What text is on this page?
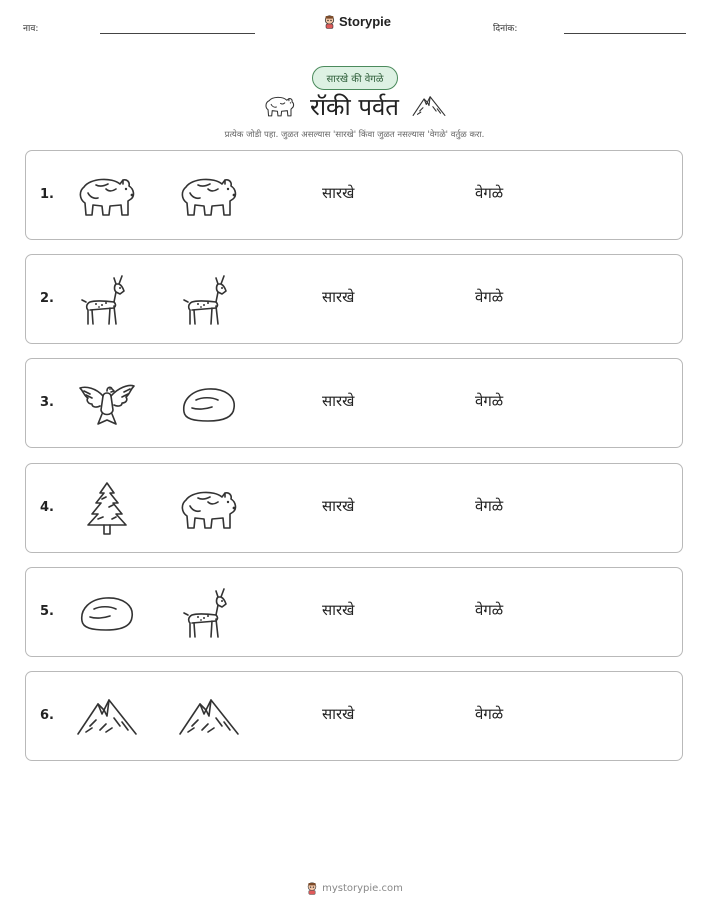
नाव:	Storypie	दिनांक:
सारखे की वेगळे
रॉकी पर्वत
प्रत्येक जोडी पहा. जुळत असल्यास 'सारखे' किंवा जुळत नसल्यास 'वेगळे' वर्तुळ करा.
1.	सारखे	वेगळे
2.	सारखे	वेगळे
3.	सारखे	वेगळे
4.	सारखे	वेगळे
5.	सारखे	वेगळे
6.	सारखे	वेगळे
mystorypie.com
